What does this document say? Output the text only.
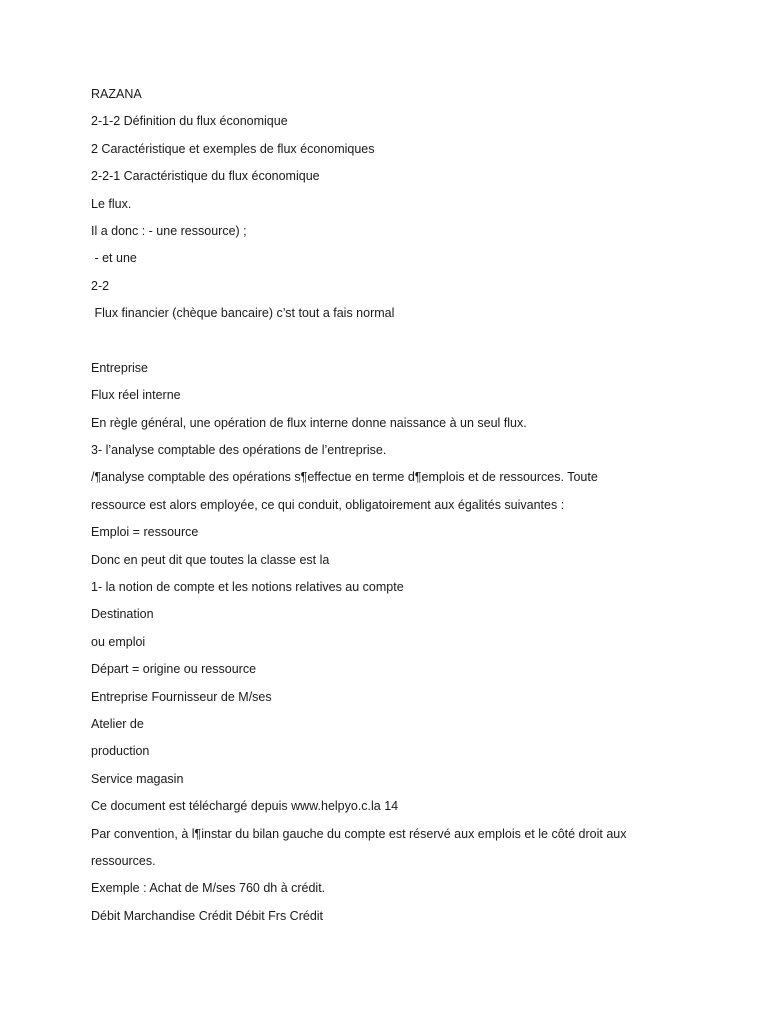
RAZANA
2-1-2 Définition du flux économique
2 Caractéristique et exemples de flux économiques
2-2-1 Caractéristique du flux économique
Le flux.
Il a donc : - une ressource) ;
- et une
2-2
Flux financier (chèque bancaire) c’st tout a fais normal
Entreprise
Flux réel interne
En règle général, une opération de flux interne donne naissance à un seul flux.
3- l’analyse comptable des opérations de l’entreprise.
/¶analyse comptable des opérations s¶effectue en terme d¶emplois et de ressources. Toute
ressource est alors employée, ce qui conduit, obligatoirement aux égalités suivantes :
Emploi = ressource
Donc en peut dit que toutes la classe est la
1- la notion de compte et les notions relatives au compte
Destination
ou emploi
Départ = origine ou ressource
Entreprise Fournisseur de M/ses
Atelier de
production
Service magasin
Ce document est téléchargé depuis www.helpyo.c.la 14
Par convention, à l¶instar du bilan gauche du compte est réservé aux emplois et le côté droit aux
ressources.
Exemple : Achat de M/ses 760 dh à crédit.
Débit Marchandise Crédit Débit Frs Crédit
